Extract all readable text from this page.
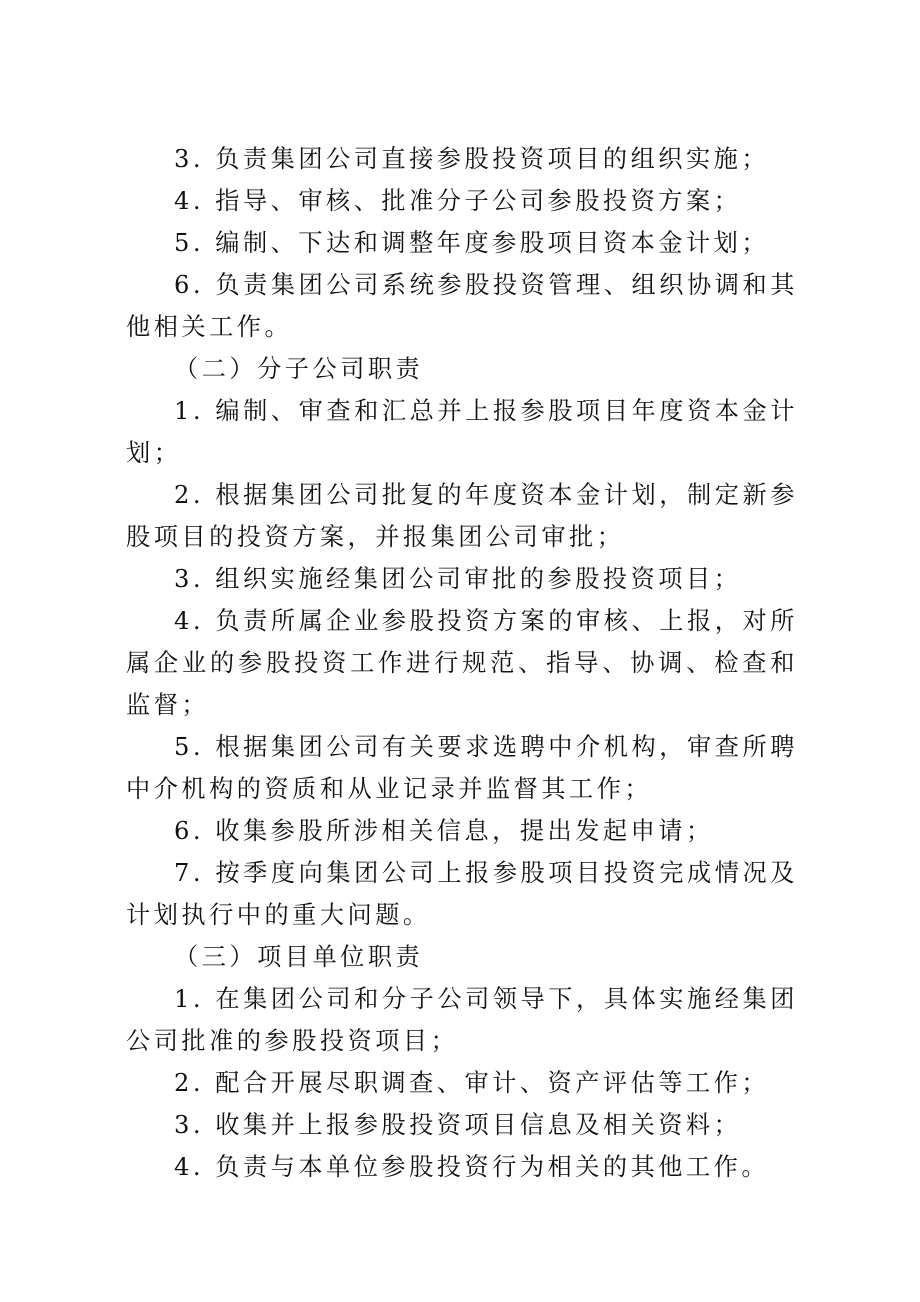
3. 负责集团公司直接参股投资项目的组织实施；

4. 指导、审核、批准分子公司参股投资方案；

5. 编制、下达和调整年度参股项目资本金计划；

6. 负责集团公司系统参股投资管理、组织协调和其他相关工作。

（二）分子公司职责

1. 编制、审查和汇总并上报参股项目年度资本金计划；

2. 根据集团公司批复的年度资本金计划，制定新参股项目的投资方案，并报集团公司审批；

3. 组织实施经集团公司审批的参股投资项目；

4. 负责所属企业参股投资方案的审核、上报，对所属企业的参股投资工作进行规范、指导、协调、检查和监督；

5. 根据集团公司有关要求选聘中介机构，审查所聘中介机构的资质和从业记录并监督其工作；

6. 收集参股所涉相关信息，提出发起申请；

7. 按季度向集团公司上报参股项目投资完成情况及计划执行中的重大问题。

（三）项目单位职责

1. 在集团公司和分子公司领导下，具体实施经集团公司批准的参股投资项目；

2. 配合开展尽职调查、审计、资产评估等工作；

3. 收集并上报参股投资项目信息及相关资料；

4. 负责与本单位参股投资行为相关的其他工作。
